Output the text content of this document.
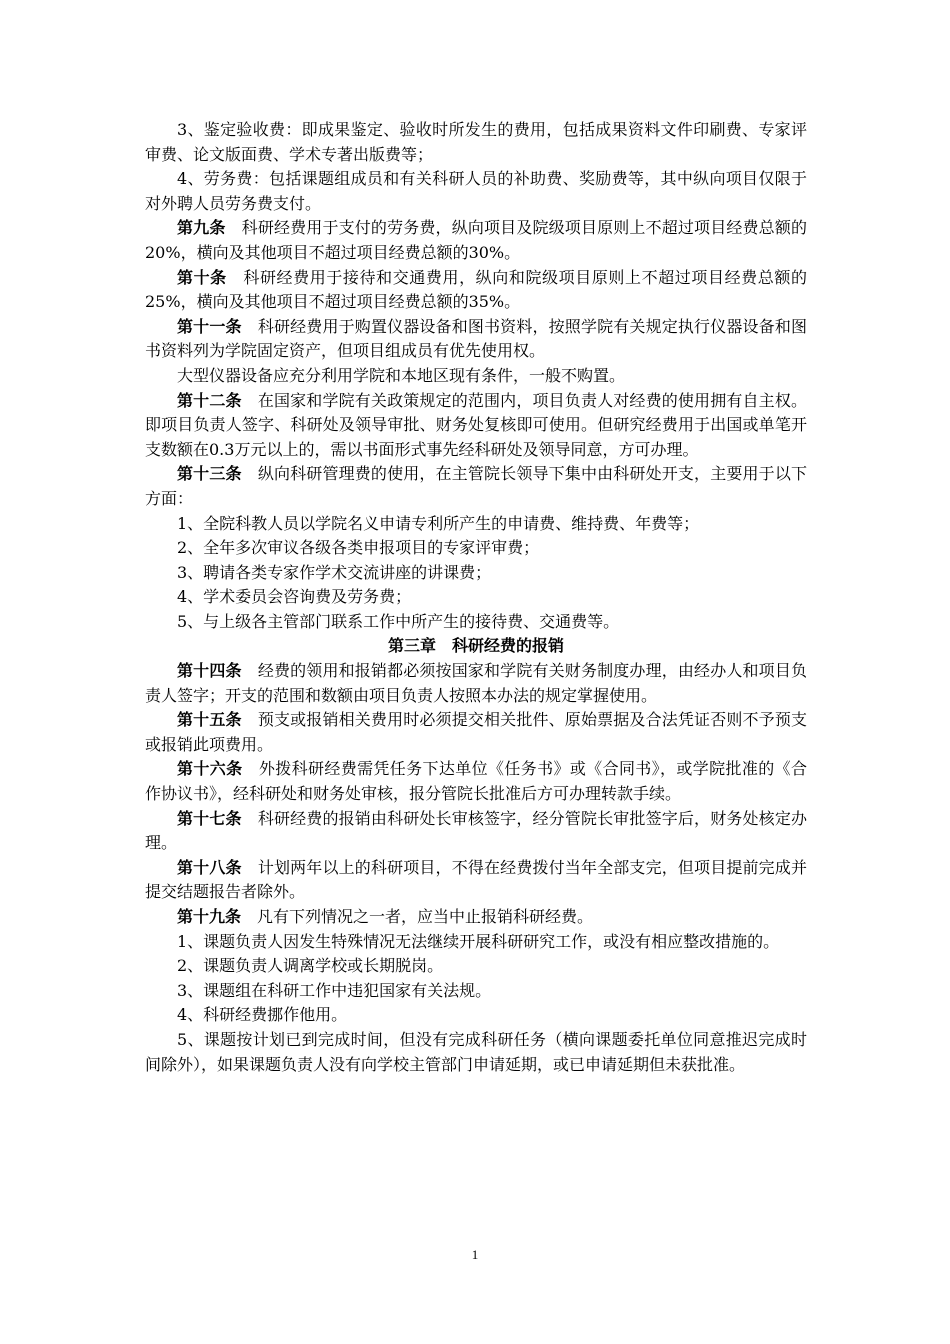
3、鉴定验收费：即成果鉴定、验收时所发生的费用，包括成果资料文件印刷费、专家评审费、论文版面费、学术专著出版费等；

4、劳务费：包括课题组成员和有关科研人员的补助费、奖励费等，其中纵向项目仅限于对外聘人员劳务费支付。

第九条　 科研经费用于支付的劳务费，纵向项目及院级项目原则上不超过项目经费总额的20%，横向及其他项目不超过项目经费总额的30%。

第十条　 科研经费用于接待和交通费用，纵向和院级项目原则上不超过项目经费总额的25%，横向及其他项目不超过项目经费总额的35%。

第十一条　 科研经费用于购置仪器设备和图书资料，按照学院有关规定执行仪器设备和图书资料列为学院固定资产，但项目组成员有优先使用权。

大型仪器设备应充分利用学院和本地区现有条件，一般不购置。

第十二条　 在国家和学院有关政策规定的范围内，项目负责人对经费的使用拥有自主权。即项目负责人签字、科研处及领导审批、财务处复核即可使用。但研究经费用于出国或单笔开支数额在0.3万元以上的，需以书面形式事先经科研处及领导同意，方可办理。

第十三条　 纵向科研管理费的使用，在主管院长领导下集中由科研处开支，主要用于以下方面：

1、全院科教人员以学院名义申请专利所产生的申请费、维持费、年费等；

2、全年多次审议各级各类申报项目的专家评审费；

3、聘请各类专家作学术交流讲座的讲课费；

4、学术委员会咨询费及劳务费；

5、与上级各主管部门联系工作中所产生的接待费、交通费等。

第三章　科研经费的报销

第十四条　 经费的领用和报销都必须按国家和学院有关财务制度办理，由经办人和项目负责人签字；开支的范围和数额由项目负责人按照本办法的规定掌握使用。

第十五条　 预支或报销相关费用时必须提交相关批件、原始票据及合法凭证否则不予预支或报销此项费用。

第十六条　 外拨科研经费需凭任务下达单位《任务书》或《合同书》，或学院批准的《合作协议书》，经科研处和财务处审核，报分管院长批准后方可办理转款手续。

第十七条　 科研经费的报销由科研处长审核签字，经分管院长审批签字后，财务处核定办理。

第十八条　 计划两年以上的科研项目，不得在经费拨付当年全部支完，但项目提前完成并提交结题报告者除外。

第十九条　 凡有下列情况之一者，应当中止报销科研经费。

1、课题负责人因发生特殊情况无法继续开展科研研究工作，或没有相应整改措施的。

2、课题负责人调离学校或长期脱岗。

3、课题组在科研工作中违犯国家有关法规。

4、科研经费挪作他用。

5、课题按计划已到完成时间，但没有完成科研任务（横向课题委托单位同意推迟完成时间除外），如果课题负责人没有向学校主管部门申请延期，或已申请延期但未获批准。

1
